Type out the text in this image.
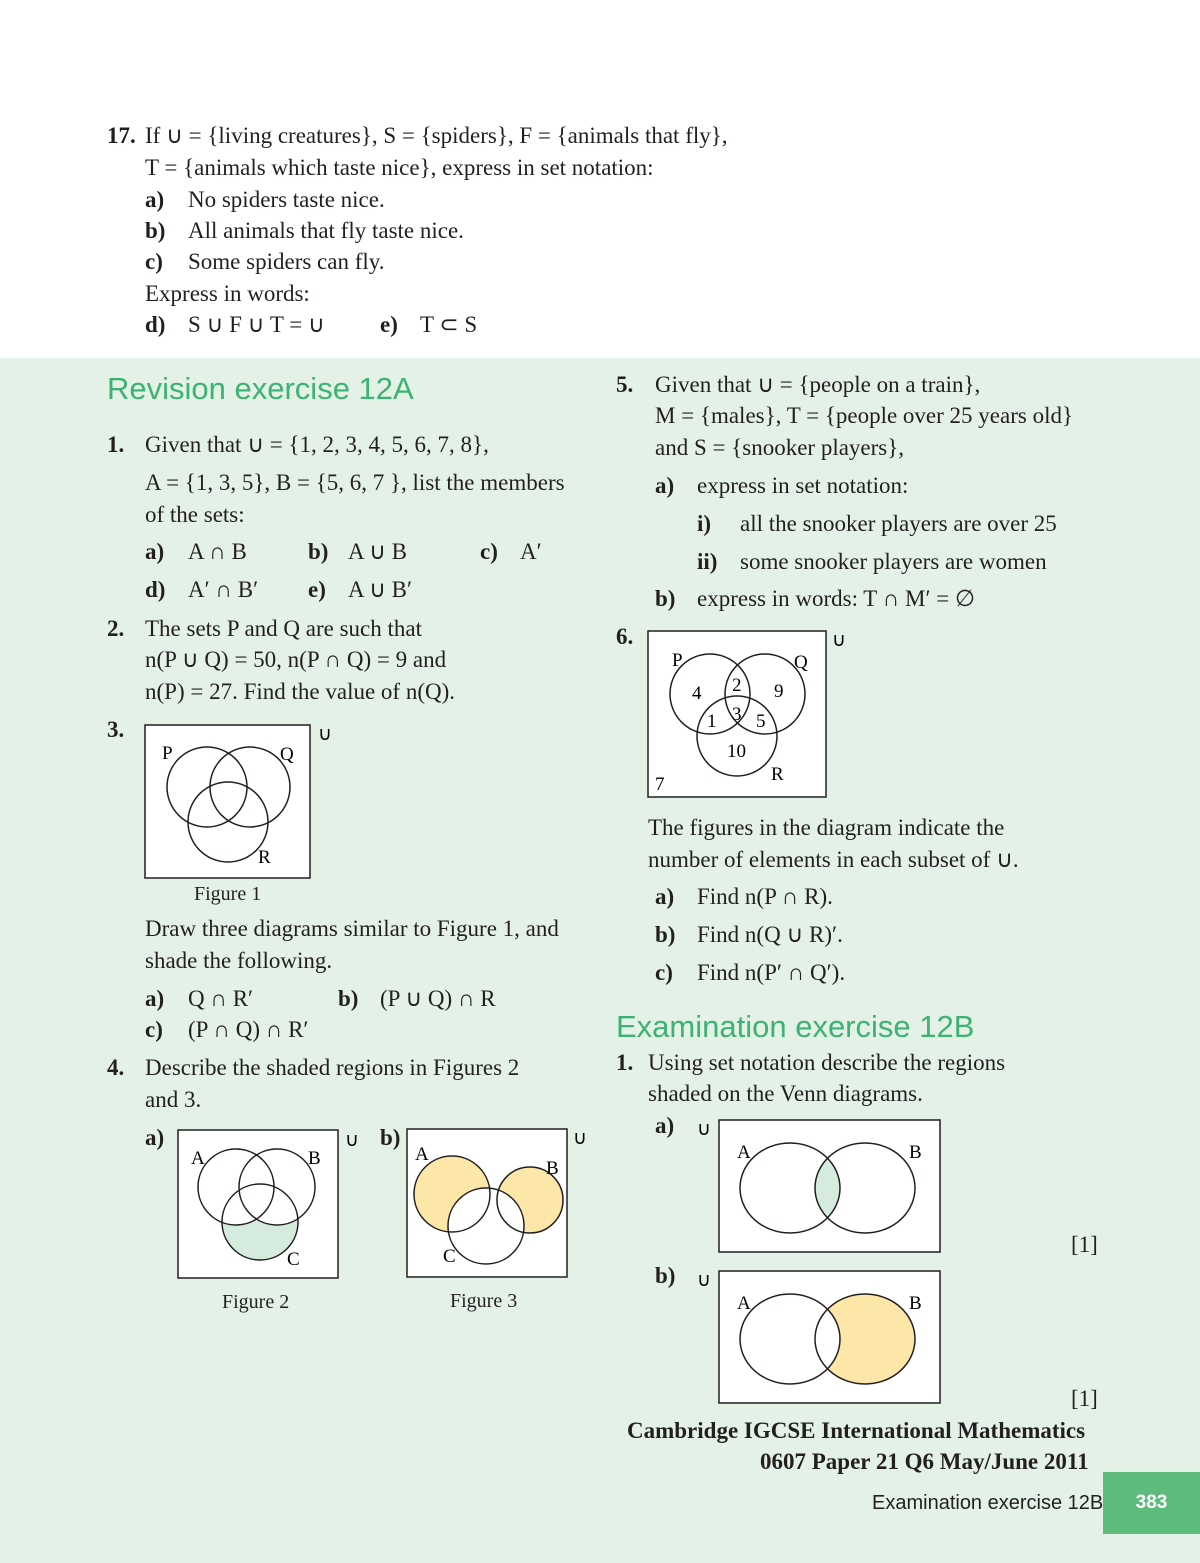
17. If ∪ = {living creatures}, S = {spiders}, F = {animals that fly},
T = {animals which taste nice}, express in set notation:
a) No spiders taste nice.
b) All animals that fly taste nice.
c) Some spiders can fly.
Express in words:
d) S ∪ F ∪ T = ∪ e) T ⊂ S
Revision exercise 12A
1. Given that ∪ = {1, 2, 3, 4, 5, 6, 7, 8},
A = {1, 3, 5}, B = {5, 6, 7 }, list the members
of the sets:
a) A ∩ B	b) A ∪ B	c) A′
d) A′ ∩ B′ e) A ∪ B′
2. The sets P and Q are such that
n(P ∪ Q) = 50, n(P ∩ Q) = 9 and
n(P) = 27. Find the value of n(Q).
3.
P	Q
R
∪
Figure 1
Draw three diagrams similar to Figure 1, and
shade the following.
a) Q ∩ R′	b) (P ∪ Q) ∩ R
c) (P ∩ Q) ∩ R′
4. Describe the shaded regions in Figures 2
and 3.
a)	b)
A	B
C
∪
Figure 2
A
B
C
∪
Figure 3
5. Given that ∪ = {people on a train},
M = {males}, T = {people over 25 years old}
and S = {snooker players},
a) express in set notation:
i) all the snooker players are over 25
ii) some snooker players are women
b) express in words: T ∩ M′ = ∅
6.
P	Q
R
∪
4 2 9
1 3 5
10
7
The figures in the diagram indicate the
number of elements in each subset of ∪.
a) Find n(P ∩ R).
b) Find n(Q ∪ R)′.
c) Find n(P′ ∩ Q′).
Examination exercise 12B
1. Using set notation describe the regions
shaded on the Venn diagrams.
a)
A	B
∪
[1]
b)
A	B
∪
[1]
Cambridge IGCSE International Mathematics
0607 Paper 21 Q6 May/June 2011
Examination exercise 12B	383
